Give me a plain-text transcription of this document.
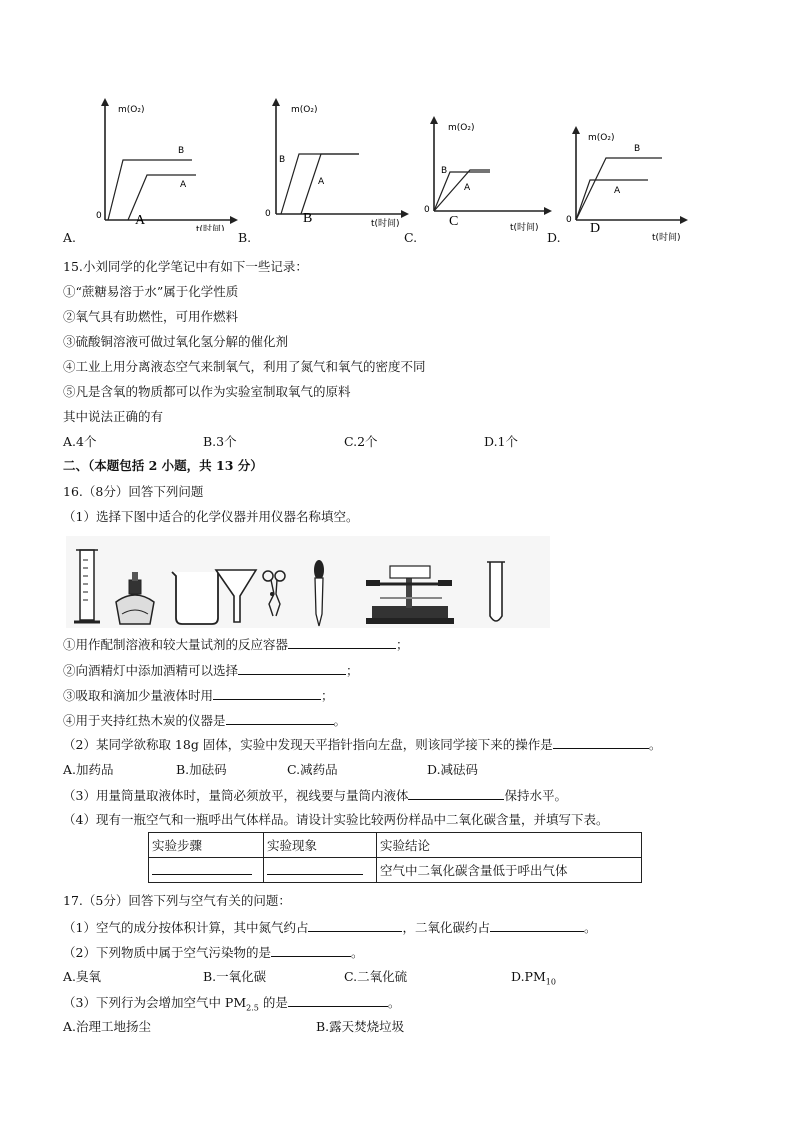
m(O₂)
B
A
0 A
t(时间)
A.
m(O₂)
B
A
0 B	t(时间)
B.
m(O₂)
B
A
0
C	t(时间)
C.
m(O₂)
B
A
0
D
t(时间)
D.
15.小刘同学的化学笔记中有如下一些记录：
①“蔗糖易溶于水”属于化学性质
②氧气具有助燃性，可用作燃料
③硫酸铜溶液可做过氧化氢分解的催化剂
④工业上用分离液态空气来制氧气，利用了氮气和氧气的密度不同
⑤凡是含氧的物质都可以作为实验室制取氧气的原料
其中说法正确的有
A.4个	B.3个	C.2个	D.1个
二、（本题包括 2 小题，共 13 分）
16.（8分）回答下列问题
（1）选择下图中适合的化学仪器并用仪器名称填空。
①用作配制溶液和较大量试剂的反应容器	；
②向酒精灯中添加酒精可以选择	；
③吸取和滴加少量液体时用	；
④用于夹持红热木炭的仪器是	。
（2）某同学欲称取 18g 固体，实验中发现天平指针指向左盘，则该同学接下来的操作是	。
A.加药品	B.加砝码	C.减药品	D.减砝码
（3）用量筒量取液体时，量筒必须放平，视线要与量筒内液体	保持水平。
（4）现有一瓶空气和一瓶呼出气体样品。请设计实验比较两份样品中二氧化碳含量，并填写下表。
实验步骤	实验现象	实验结论
		空气中二氧化碳含量低于呼出气体
17.（5分）回答下列与空气有关的问题：
（1）空气的成分按体积计算，其中氮气约占	，二氧化碳约占	。
（2）下列物质中属于空气污染物的是	。
A.臭氧	B.一氧化碳	C.二氧化硫	$D.PM_{10}$
（3）下列行为会增加空气中 $PM_{2.5}$ 的是	。
A.治理工地扬尘	B.露天焚烧垃圾
